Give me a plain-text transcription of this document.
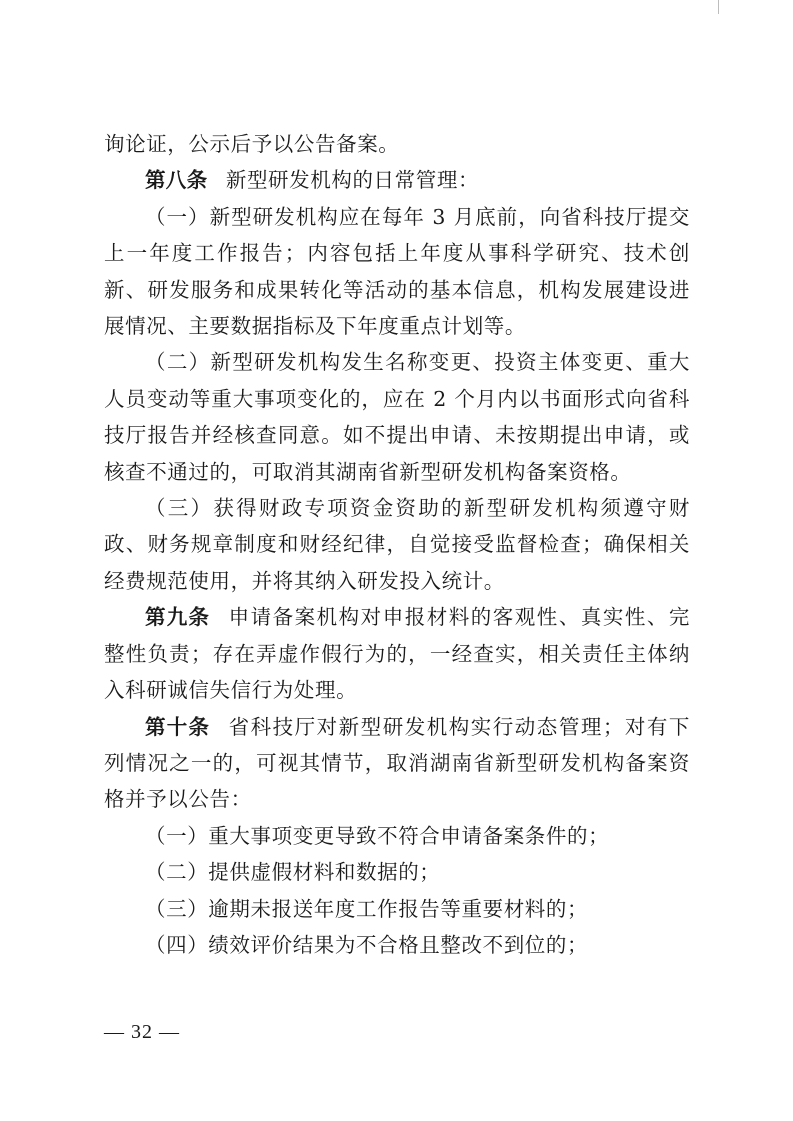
询论证，公示后予以公告备案。

第八条 新型研发机构的日常管理：

（一）新型研发机构应在每年 3 月底前，向省科技厅提交上一年度工作报告；内容包括上年度从事科学研究、技术创新、研发服务和成果转化等活动的基本信息，机构发展建设进展情况、主要数据指标及下年度重点计划等。

（二）新型研发机构发生名称变更、投资主体变更、重大人员变动等重大事项变化的，应在 2 个月内以书面形式向省科技厅报告并经核查同意。如不提出申请、未按期提出申请，或核查不通过的，可取消其湖南省新型研发机构备案资格。

（三）获得财政专项资金资助的新型研发机构须遵守财政、财务规章制度和财经纪律，自觉接受监督检查；确保相关经费规范使用，并将其纳入研发投入统计。

第九条 申请备案机构对申报材料的客观性、真实性、完整性负责；存在弄虚作假行为的，一经查实，相关责任主体纳入科研诚信失信行为处理。

第十条 省科技厅对新型研发机构实行动态管理；对有下列情况之一的，可视其情节，取消湖南省新型研发机构备案资格并予以公告：

（一）重大事项变更导致不符合申请备案条件的；

（二）提供虚假材料和数据的；

（三）逾期未报送年度工作报告等重要材料的；

（四）绩效评价结果为不合格且整改不到位的；

— 32 —
